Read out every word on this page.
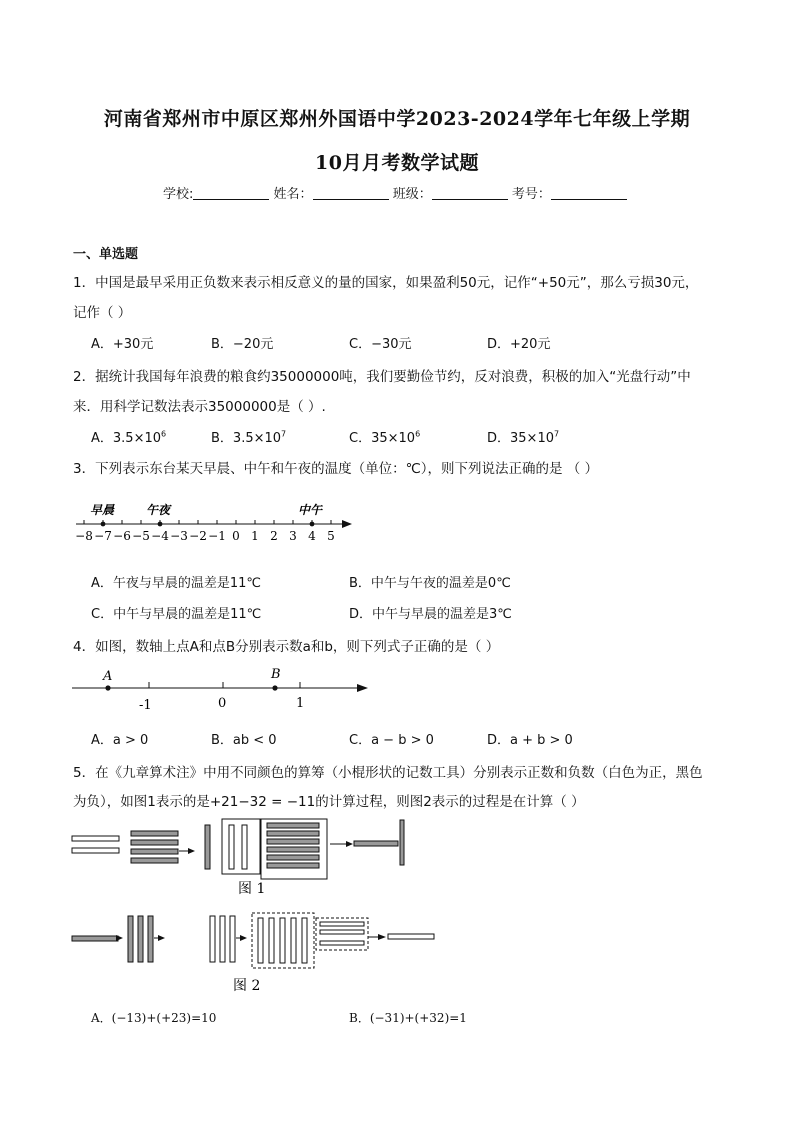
河南省郑州市中原区郑州外国语中学2023-2024学年七年级上学期
10月月考数学试题
学校:	姓名：	班级：	考号：
一、单选题
1．中国是最早采用正负数来表示相反意义的量的国家，如果盈利50元，记作“+50元”，那么亏损30元，
记作（ ）
A．+30元	B．−20元	C．−30元	D．+20元
2．据统计我国每年浪费的粮食约35000000吨，我们要勤俭节约，反对浪费，积极的加入“光盘行动”中
来．用科学记数法表示35000000是（ ）.
A．$3.5\times 10^6$	B．$3.5\times 10^7$	C．$35\times 10^6$	D．$35\times 10^7$
3．下列表示东台某天早晨、中午和午夜的温度（单位：℃），则下列说法正确的是 （ ）
−8 −7 −6 −5 −4 −3 −2 −1 0 1 2 3 4 5
早晨	午夜	中午
A．午夜与早晨的温差是11℃	B．中午与午夜的温差是0℃
C．中午与早晨的温差是11℃	D．中午与早晨的温差是3℃
4．如图，数轴上点A和点B分别表示数a和b，则下列式子正确的是（ ）
A	B
-1	0	1
A．a > 0	B．ab < 0	C．a − b > 0	D．a + b > 0
5．在《九章算术注》中用不同颜色的算筹（小棍形状的记数工具）分别表示正数和负数（白色为正，黑色
为负），如图1表示的是+21−32 = −11的计算过程，则图2表示的过程是在计算（ ）
图 1
图 2
A．(−13)+(+23)=10	B．(−31)+(+32)=1
